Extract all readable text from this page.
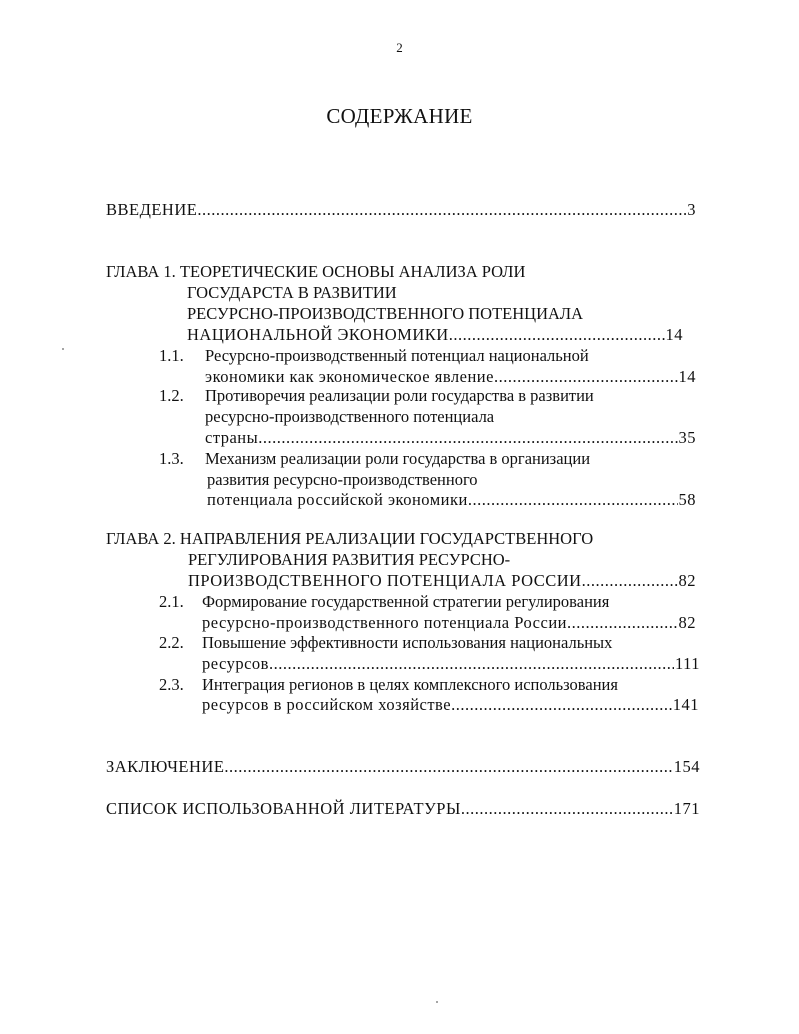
2
СОДЕРЖАНИЕ
ВВЕДЕНИЕ .....	3
ГЛАВА 1. ТЕОРЕТИЧЕСКИЕ ОСНОВЫ АНАЛИЗА РОЛИ
ГОСУДАРСТА В РАЗВИТИИ
РЕСУРСНО-ПРОИЗВОДСТВЕННОГО ПОТЕНЦИАЛА
НАЦИОНАЛЬНОЙ ЭКОНОМИКИ .....	14
1.1. Ресурсно-производственный потенциал национальной
экономики как экономическое явление .....	14
1.2. Противоречия реализации роли государства в развитии
ресурсно-производственного потенциала
страны .....	35
1.3. Механизм реализации роли государства в организации
развития ресурсно-производственного
потенциала российской экономики .....	58
ГЛАВА 2. НАПРАВЛЕНИЯ РЕАЛИЗАЦИИ ГОСУДАРСТВЕННОГО
РЕГУЛИРОВАНИЯ РАЗВИТИЯ РЕСУРСНО-
ПРОИЗВОДСТВЕННОГО ПОТЕНЦИАЛА РОССИИ .....	82
2.1. Формирование государственной стратегии регулирования
ресурсно-производственного потенциала России .....	82
2.2. Повышение эффективности использования национальных
ресурсов .....	111
2.3. Интеграция регионов в целях комплексного использования
ресурсов в российском хозяйстве .....	141
ЗАКЛЮЧЕНИЕ .....	154
СПИСОК ИСПОЛЬЗОВАННОЙ ЛИТЕРАТУРЫ .....	171
